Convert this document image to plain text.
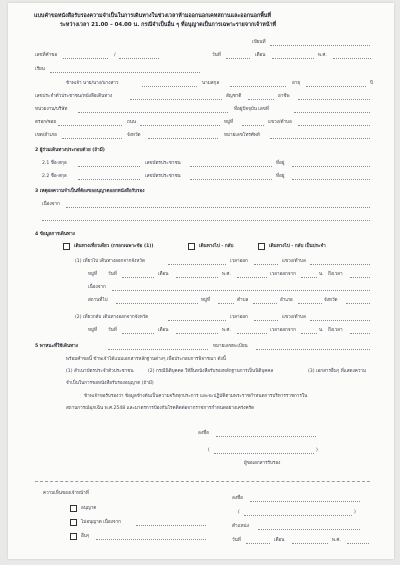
แบบคำขอหนังสือรับรองความจำเป็นในการเดินทางในช่วงเวลาห้ามออกนอกเคหสถานและออกนอกพื้นที่
ระหว่างเวลา 21.00 – 04.00 น. กรณีจำเป็นอื่น ๆ ที่อนุญาตเป็นการเฉพาะรายจากเจ้าหน้าที่
เขียนที่
เลขที่คำขอ	/	วันที่	เดือน	พ.ศ.
เรียน
ข้าพเจ้า นาย/นาง/นางสาว	นามสกุล	อายุ	ปี
เลขประจำตัวประชาชน/หนังสือเดินทาง	สัญชาติ	อาชีพ
หน่วยงาน/บริษัท	ที่อยู่ปัจจุบัน เลขที่
ตรอก/ซอย	ถนน	หมู่ที่	แขวง/ตำบล
เขต/อำเภอ	จังหวัด	หมายเลขโทรศัพท์
2 ผู้ร่วมเดินทางประกอบด้วย (ถ้ามี)
2.1 ชื่อ-สกุล	เลขบัตรประชาชน	ที่อยู่
2.2 ชื่อ-สกุล	เลขบัตรประชาชน	ที่อยู่
3 เหตุผลความจำเป็นที่ต้องขออนุญาตออกหนังสือรับรอง
เนื่องจาก
4 ข้อมูลการเดินทาง
เดินทางเที่ยวเดียว (กรอกเฉพาะข้อ (1))	เดินทางไป - กลับ	เดินทางไป - กลับ เป็นประจำ
(1) เที่ยวไป เดินทางออกจากจังหวัด	เวลาออก	แขวง/ตำบล
หมู่ที่ วันที่	เดือน	พ.ศ.	เวลาออกจาก	น. ถึงเวลา
เนื่องจาก
สถานที่ไป	หมู่ที่	ตำบล	อำเภอ	จังหวัด
(2) เที่ยวกลับ เดินทางออกจากจังหวัด	เวลาออก	แขวง/ตำบล
หมู่ที่ วันที่	เดือน	พ.ศ.	เวลาออกจาก	น. ถึงเวลา
5 พาหนะที่ใช้เดินทาง	หมายเลขทะเบียน
พร้อมคำขอนี้ ข้าพเจ้าได้แนบเอกสารหลักฐานต่างๆ เพื่อประกอบการพิจารณา ดังนี้
(1) สำเนาบัตรประจำตัวประชาชน	(2) กรณีนิติบุคคล ให้ยื่นหนังสือรับรองหลักฐานการเป็นนิติบุคคล	(3) เอกสารอื่นๆ ที่แสดงความ
จำเป็นในการขอหนังสือรับรองอนุญาต (ถ้ามี)
ข้าพเจ้าขอรับรองว่า ข้อมูลข้างต้นเป็นความจริงทุกประการ และจะปฏิบัติตามพระราชกำหนดการบริหารราชการใน
สถานการณ์ฉุกเฉิน พ.ศ.2548 และมาตรการป้องกันโรคติดต่อจากราชการกำหนดอย่างเคร่งครัด
ลงชื่อ
(	)
ผู้ขอเอกสารรับรอง
ความเห็นของเจ้าหน้าที่
อนุญาต
ไม่อนุญาต เนื่องจาก
อื่นๆ
ลงชื่อ
(	)
ตำแหน่ง
วันที่	เดือน	พ.ศ.
